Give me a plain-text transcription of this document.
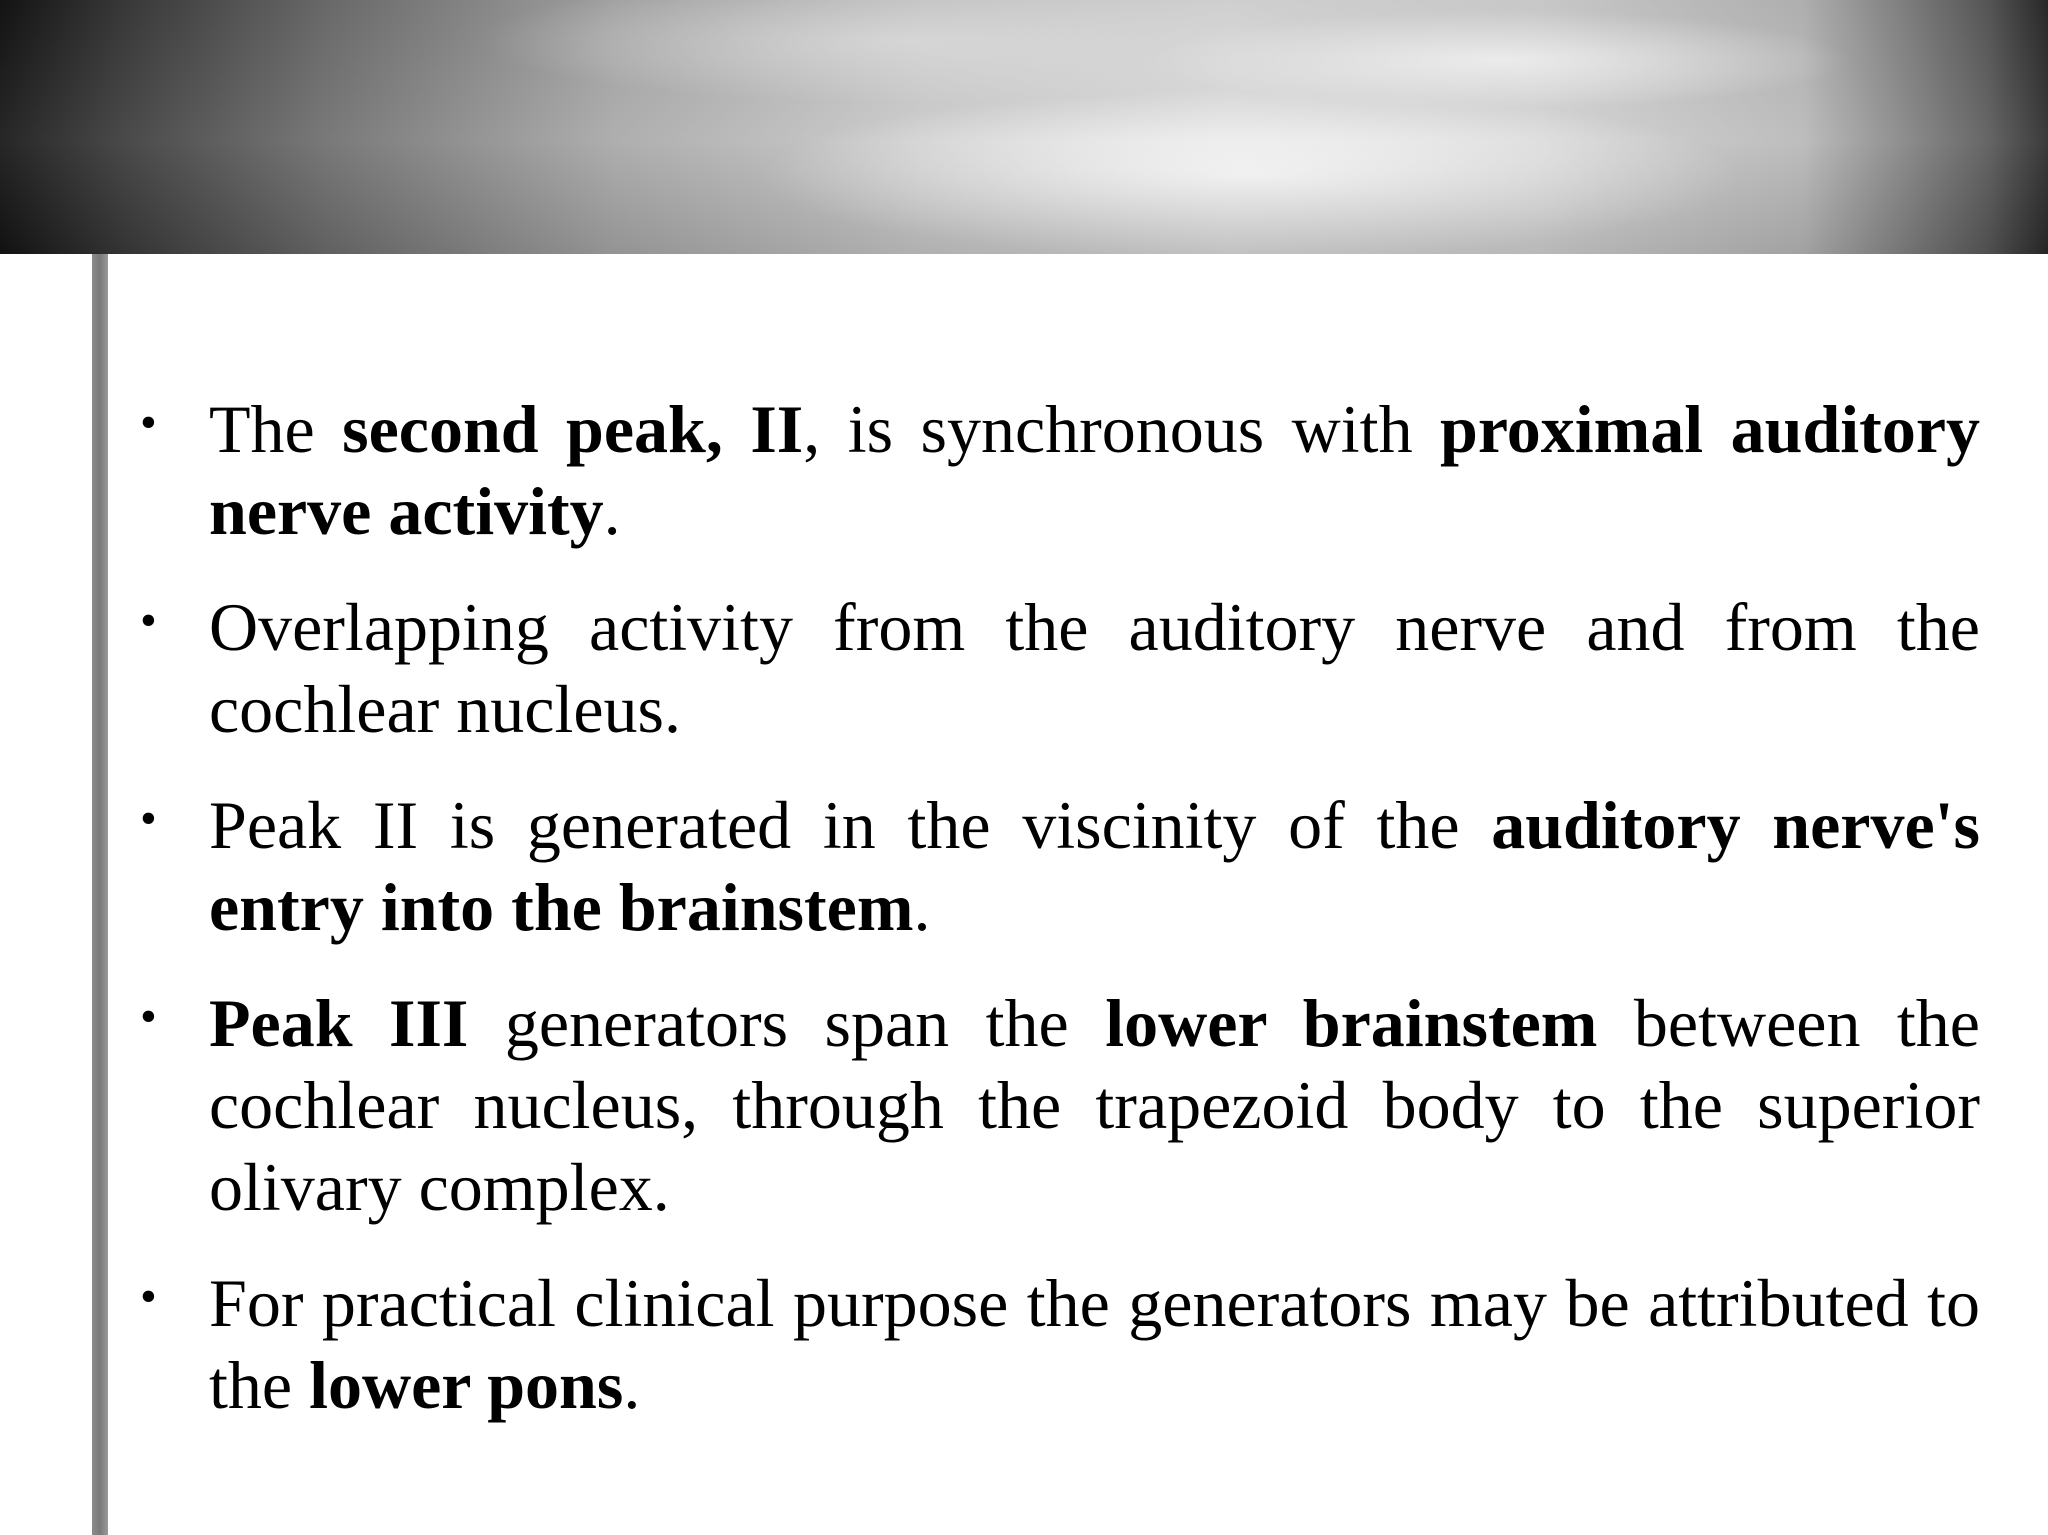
• The second peak, II, is synchronous with proximal auditory nerve activity.
• Overlapping activity from the auditory nerve and from the cochlear nucleus.
• Peak II is generated in the viscinity of the auditory nerve's entry into the brainstem.
• Peak III generators span the lower brainstem between the cochlear nucleus, through the trapezoid body to the superior olivary complex.
• For practical clinical purpose the generators may be attributed to the lower pons.
